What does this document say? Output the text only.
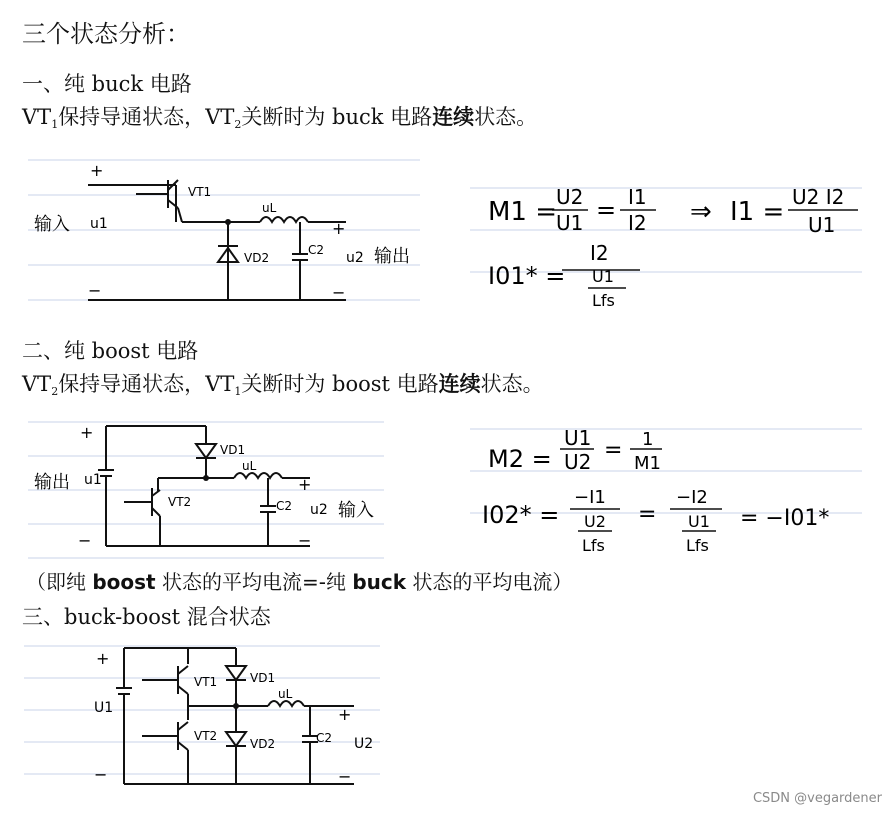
三个状态分析：
一、纯 buck 电路
$VT_1$保持导通状态，$VT_2$关断时为 buck 电路连续状态。
+
−
+
−
VT1
uL
VD2
C2
u1
u2
输入
输出
M1 =
U2
U1 = I1
I2 ⇒ I1 = U2 I2
U1
I01* =
I2
U1
Lfs
二、纯 boost 电路
$VT_2$保持导通状态，$VT_1$关断时为 boost 电路连续状态。
+
−
+
−
VD1
uL
VT2	C2
u1
u2
输出
输入
M2 =
U1
U2 = 1
M1
I02* =
−I1
U2
Lfs
=
−I2
U1
Lfs
= −I01*
（即纯 boost 状态的平均电流=-纯 buck 状态的平均电流）
三、buck-boost 混合状态
+
−
+
−
VT1	VD1
uL
VT2
VD2	C2
U1
U2
CSDN @vegardener
